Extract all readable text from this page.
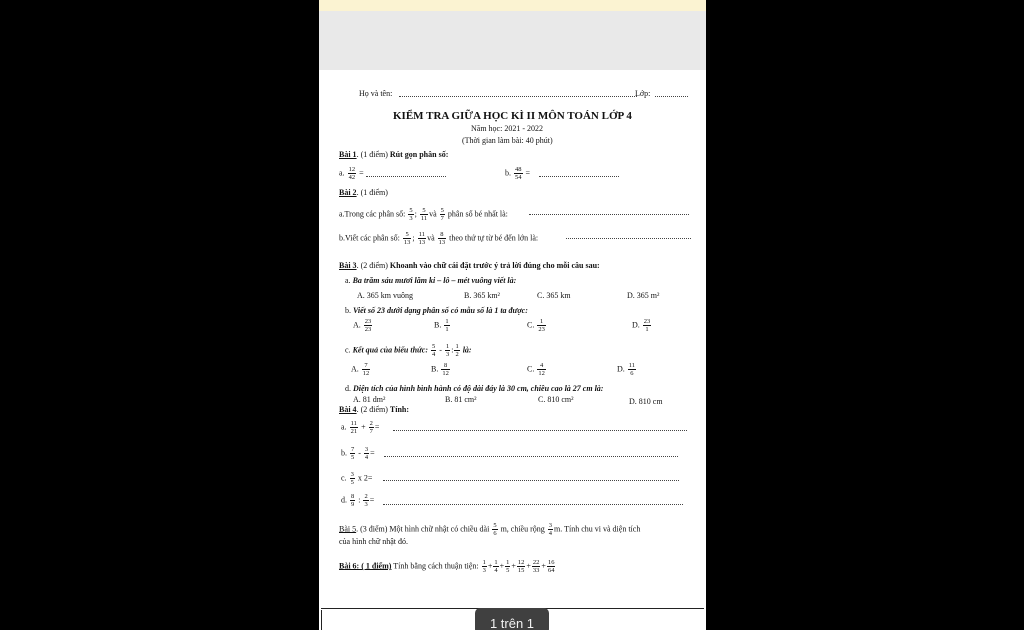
Họ và tên:	Lớp:
KIỂM TRA GIỮA HỌC KÌ II MÔN TOÁN LỚP 4
Năm học: 2021 - 2022
(Thời gian làm bài: 40 phút)
Bài 1. (1 điểm) Rút gọn phân số:
a. $\frac{12}{42}$ =	b. $\frac{48}{54}$ =
Bài 2. (1 điểm)
a.Trong các phân số: $\frac{5}{3}$ ; $\frac{5}{11}$ và $\frac{5}{7}$ phân số bé nhất là:
b.Viết các phân số: $\frac{5}{13}$ ; $\frac{11}{13}$ và $\frac{8}{13}$ theo thứ tự từ bé đến lớn là:
Bài 3. (2 điểm) Khoanh vào chữ cái đặt trước ý trả lời đúng cho mỗi câu sau:
a. Ba trăm sáu mươi lăm ki – lô – mét vuông viết là:
A. 365 km vuông	B. 365 km²	C. 365 km	D. 365 m²
b. Viết số 23 dưới dạng phân số có mẫu số là 1 ta được:
A. $\frac{23}{23}$	B. $\frac{1}{1}$	C. $\frac{1}{23}$	D. $\frac{23}{1}$
c. Kết quả của biểu thức: $\frac{5}{4} - \frac{1}{3}$ : $\frac{1}{2}$ là:
A. $\frac{7}{12}$	B. $\frac{8}{12}$	C. $\frac{4}{12}$	D. $\frac{11}{6}$
d. Diện tích của hình bình hành có độ dài đáy là 30 cm, chiều cao là 27 cm là:
A. 81 dm²	B. 81 cm²	C. 810 cm²	D. 810 cm
Bài 4. (2 điểm) Tính:
a. $\frac{11}{21} + \frac{2}{7}$ =
b. $\frac{7}{5} - \frac{3}{4}$ =
c. $\frac{3}{5}$ x 2=
d. $\frac{8}{9}$ : $\frac{2}{3}$ =
Bài 5. (3 điểm) Một hình chữ nhật có chiều dài $\frac{5}{6} m$, chiều rộng $\frac{3}{4} m$. Tính chu vi và diện tích
của hình chữ nhật đó.
Bài 6: ( 1 điểm) Tính bằng cách thuận tiện: $\frac{1}{3} + \frac{1}{4} + \frac{1}{5} + \frac{12}{15} + \frac{22}{33} + \frac{16}{64}$
1 trên 1
